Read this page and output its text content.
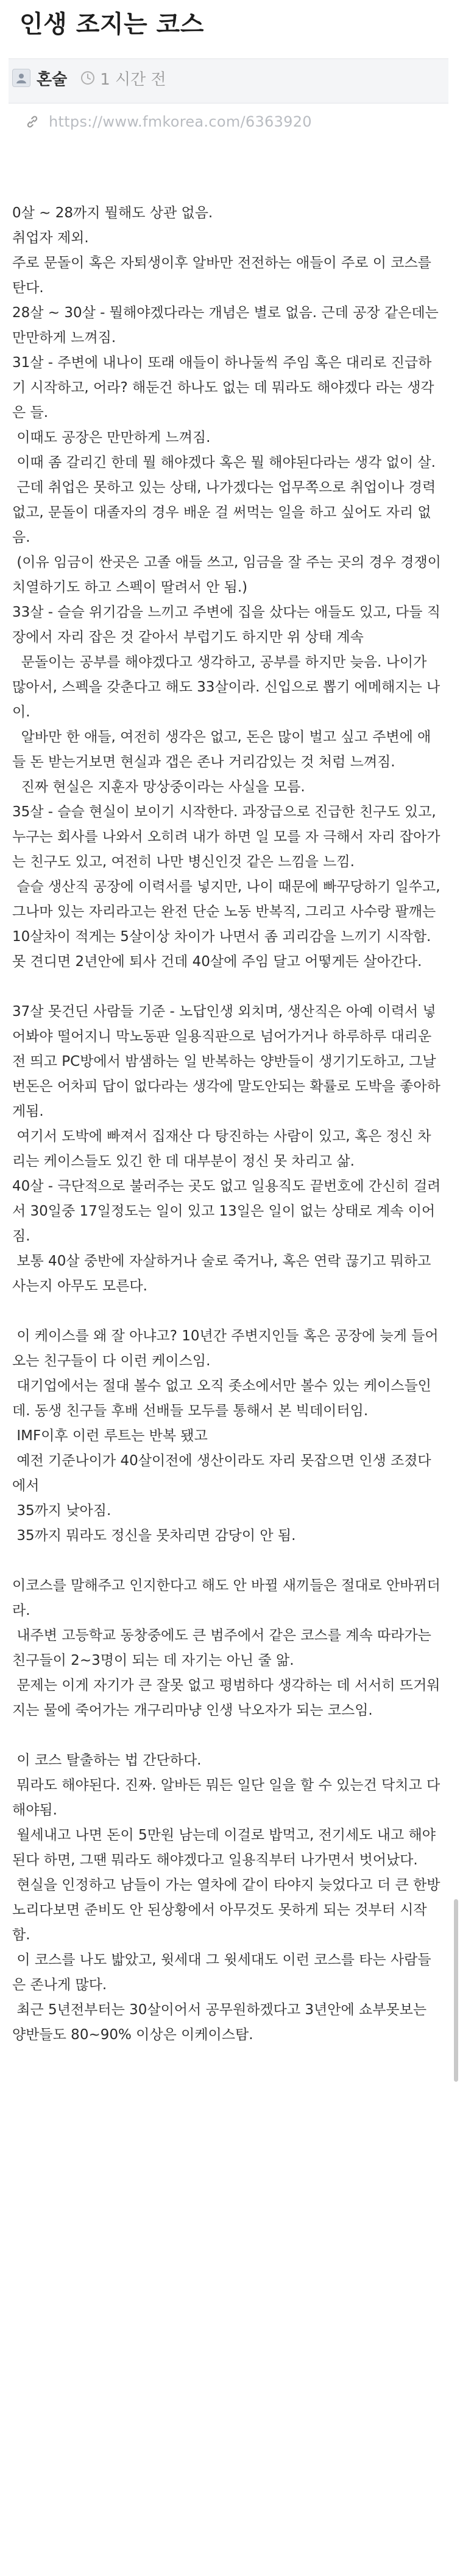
인생 조지는 코스
혼술 1 시간 전
https://www.fmkorea.com/6363920

0살 ~ 28까지 뭘해도 상관 없음.

취업자 제외.

주로 문돌이 혹은 자퇴생이후 알바만 전전하는 애들이 주로 이 코스를 탄다.

28살 ~ 30살 - 뭘해야겠다라는 개념은 별로 없음. 근데 공장 같은데는 만만하게 느껴짐.

31살 - 주변에 내나이 또래 애들이 하나둘씩 주임 혹은 대리로 진급하기 시작하고, 어라? 해둔건 하나도 없는 데 뭐라도 해야겠다 라는 생각은 들.

이때도 공장은 만만하게 느껴짐.

이때 좀 갈리긴 한데 뭘 해야겠다 혹은 뭘 해야된다라는 생각 없이 살.

근데 취업은 못하고 있는 상태, 나가겠다는 업무쪽으로 취업이나 경력 없고, 문돌이 대졸자의 경우 배운 걸 써먹는 일을 하고 싶어도 자리 없음.

(이유 임금이 싼곳은 고졸 애들 쓰고, 임금을 잘 주는 곳의 경우 경쟁이 치열하기도 하고 스펙이 딸려서 안 됨.)

33살 - 슬슬 위기감을 느끼고 주변에 집을 샀다는 애들도 있고, 다들 직장에서 자리 잡은 것 같아서 부럽기도 하지만 위 상태 계속

문돌이는 공부를 해야겠다고 생각하고, 공부를 하지만 늦음. 나이가 많아서, 스펙을 갖춘다고 해도 33살이라. 신입으로 뽑기 에메해지는 나이.

알바만 한 애들, 여전히 생각은 없고, 돈은 많이 벌고 싶고 주변에 애들 돈 받는거보면 현실과 갭은 존나 거리감있는 것 처럼 느껴짐.

진짜 현실은 지훈자 망상중이라는 사실을 모름.

35살 - 슬슬 현실이 보이기 시작한다. 과장급으로 진급한 친구도 있고, 누구는 회사를 나와서 오히려 내가 하면 일 모를 자 극해서 자리 잡아가는 친구도 있고, 여전히 나만 병신인것 같은 느낌을 느낌.

슬슬 생산직 공장에 이력서를 넣지만, 나이 때문에 빠꾸당하기 일쑤고, 그나마 있는 자리라고는 완전 단순 노동 반복직, 그리고 사수랑 팔깨는 10살차이 적게는 5살이상 차이가 나면서 좀 괴리감을 느끼기 시작함. 못 견디면 2년안에 퇴사 건데 40살에 주임 달고 어떻게든 살아간다.

37살 못건딘 사람들 기준 - 노답인생 외치며, 생산직은 아예 이력서 넣어봐야 떨어지니 막노동판 일용직판으로 넘어가거나 하루하루 대리운전 띄고 PC방에서 밤샘하는 일 반복하는 양반들이 생기기도하고, 그날 번돈은 어차피 답이 없다라는 생각에 말도안되는 확률로 도박을 좋아하게됨.

여기서 도박에 빠져서 집재산 다 탕진하는 사람이 있고, 혹은 정신 차리는 케이스들도 있긴 한 데 대부분이 정신 못 차리고 삶.

40살 - 극단적으로 불러주는 곳도 없고 일용직도 끝번호에 간신히 걸려서 30일중 17일정도는 일이 있고 13일은 일이 없는 상태로 계속 이어짐.

보통 40살 중반에 자살하거나 술로 죽거나, 혹은 연락 끊기고 뭐하고 사는지 아무도 모른다.

이 케이스를 왜 잘 아냐고? 10년간 주변지인들 혹은 공장에 늦게 들어오는 친구들이 다 이런 케이스임.

대기업에서는 절대 볼수 없고 오직 좃소에서만 볼수 있는 케이스들인 데. 동생 친구들 후배 선배들 모두를 통해서 본 빅데이터임.

IMF이후 이런 루트는 반복 됐고

예전 기준나이가 40살이전에 생산이라도 자리 못잡으면 인생 조졌다에서

35까지 낮아짐.

35까지 뭐라도 정신을 못차리면 감당이 안 됨.

이코스를 말해주고 인지한다고 해도 안 바뀔 새끼들은 절대로 안바뀌더라.

내주변 고등학교 동창중에도 큰 범주에서 같은 코스를 계속 따라가는 친구들이 2~3명이 되는 데 자기는 아닌 줄 앎.

문제는 이게 자기가 큰 잘못 없고 평범하다 생각하는 데 서서히 뜨거워지는 물에 죽어가는 개구리마냥 인생 낙오자가 되는 코스임.

이 코스 탈출하는 법 간단하다.

뭐라도 해야된다. 진짜. 알바든 뭐든 일단 일을 할 수 있는건 닥치고 다 해야됨.

월세내고 나면 돈이 5만원 남는데 이걸로 밥먹고, 전기세도 내고 해야 된다 하면, 그땐 뭐라도 해야겠다고 일용직부터 나가면서 벗어났다.

현실을 인정하고 남들이 가는 열차에 같이 타야지 늦었다고 더 큰 한방 노리다보면 준비도 안 된상황에서 아무것도 못하게 되는 것부터 시작함.

이 코스를 나도 밟았고, 윗세대 그 윗세대도 이런 코스를 타는 사람들은 존나게 많다.

최근 5년전부터는 30살이어서 공무원하겠다고 3년안에 쇼부못보는 양반들도 80~90% 이상은 이케이스탐.
